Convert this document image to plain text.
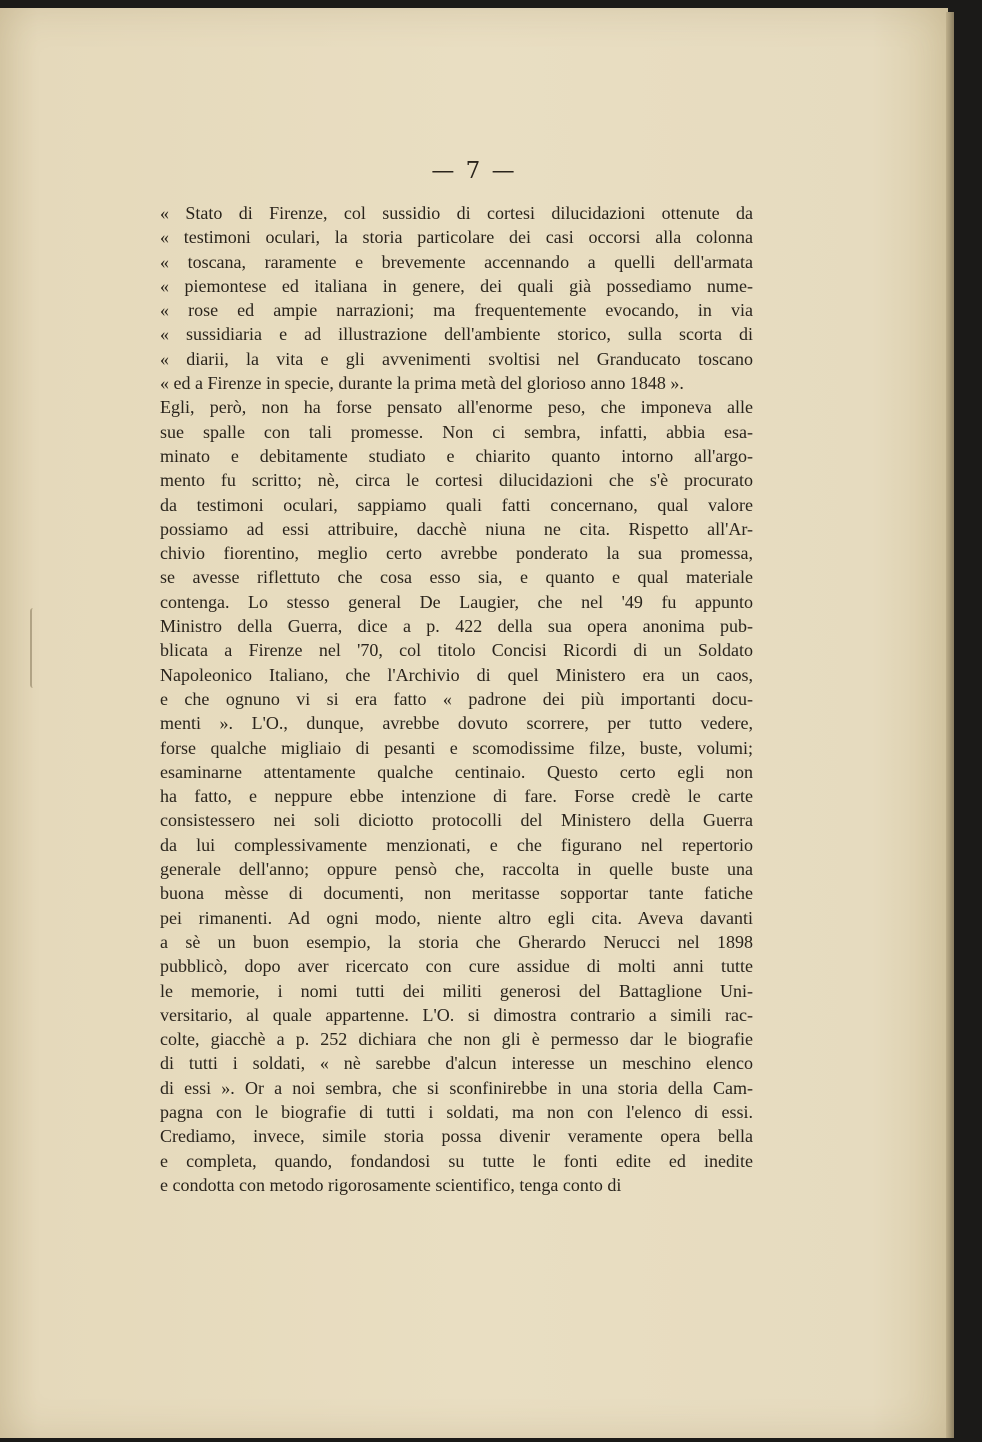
— 7 —
« Stato di Firenze, col sussidio di cortesi dilucidazioni ottenute da
« testimoni oculari, la storia particolare dei casi occorsi alla colonna
« toscana, raramente e brevemente accennando a quelli dell'armata
« piemontese ed italiana in genere, dei quali già possediamo nume-
« rose ed ampie narrazioni; ma frequentemente evocando, in via
« sussidiaria e ad illustrazione dell'ambiente storico, sulla scorta di
« diarii, la vita e gli avvenimenti svoltisi nel Granducato toscano
« ed a Firenze in specie, durante la prima metà del glorioso anno 1848 ».
Egli, però, non ha forse pensato all'enorme peso, che imponeva alle
sue spalle con tali promesse. Non ci sembra, infatti, abbia esa-
minato e debitamente studiato e chiarito quanto intorno all'argo-
mento fu scritto; nè, circa le cortesi dilucidazioni che s'è procurato
da testimoni oculari, sappiamo quali fatti concernano, qual valore
possiamo ad essi attribuire, dacchè niuna ne cita. Rispetto all'Ar-
chivio fiorentino, meglio certo avrebbe ponderato la sua promessa,
se avesse riflettuto che cosa esso sia, e quanto e qual materiale
contenga. Lo stesso general De Laugier, che nel '49 fu appunto
Ministro della Guerra, dice a p. 422 della sua opera anonima pub-
blicata a Firenze nel '70, col titolo Concisi Ricordi di un Soldato
Napoleonico Italiano, che l'Archivio di quel Ministero era un caos,
e che ognuno vi si era fatto « padrone dei più importanti docu-
menti ». L'O., dunque, avrebbe dovuto scorrere, per tutto vedere,
forse qualche migliaio di pesanti e scomodissime filze, buste, volumi;
esaminarne attentamente qualche centinaio. Questo certo egli non
ha fatto, e neppure ebbe intenzione di fare. Forse credè le carte
consistessero nei soli diciotto protocolli del Ministero della Guerra
da lui complessivamente menzionati, e che figurano nel repertorio
generale dell'anno; oppure pensò che, raccolta in quelle buste una
buona mèsse di documenti, non meritasse sopportar tante fatiche
pei rimanenti. Ad ogni modo, niente altro egli cita. Aveva davanti
a sè un buon esempio, la storia che Gherardo Nerucci nel 1898
pubblicò, dopo aver ricercato con cure assidue di molti anni tutte
le memorie, i nomi tutti dei militi generosi del Battaglione Uni-
versitario, al quale appartenne. L'O. si dimostra contrario a simili rac-
colte, giacchè a p. 252 dichiara che non gli è permesso dar le biografie
di tutti i soldati, « nè sarebbe d'alcun interesse un meschino elenco
di essi ». Or a noi sembra, che si sconfinirebbe in una storia della Cam-
pagna con le biografie di tutti i soldati, ma non con l'elenco di essi.
Crediamo, invece, simile storia possa divenir veramente opera bella
e completa, quando, fondandosi su tutte le fonti edite ed inedite
e condotta con metodo rigorosamente scientifico, tenga conto di
